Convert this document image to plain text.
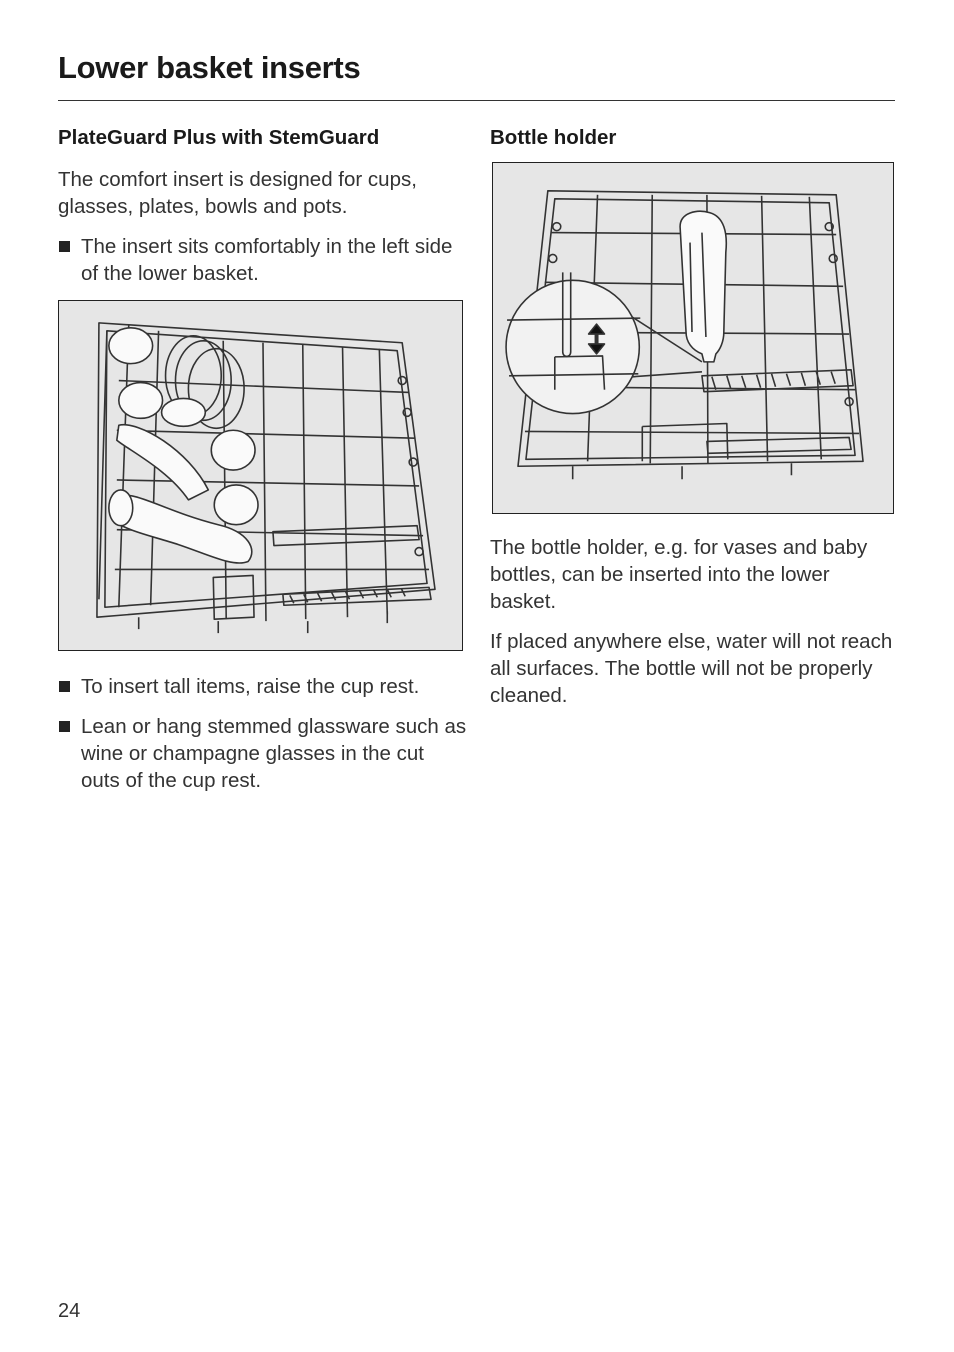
Lower basket inserts
PlateGuard Plus with StemGuard

The comfort insert is designed for cups, glasses, plates, bowls and pots.

The insert sits comfortably in the left side of the lower basket.
To insert tall items, raise the cup rest.
Lean or hang stemmed glassware such as wine or champagne glasses in the cut outs of the cup rest.
Bottle holder

The bottle holder, e.g. for vases and baby bottles, can be inserted into the lower basket.

If placed anywhere else, water will not reach all surfaces. The bottle will not be properly cleaned.

24
